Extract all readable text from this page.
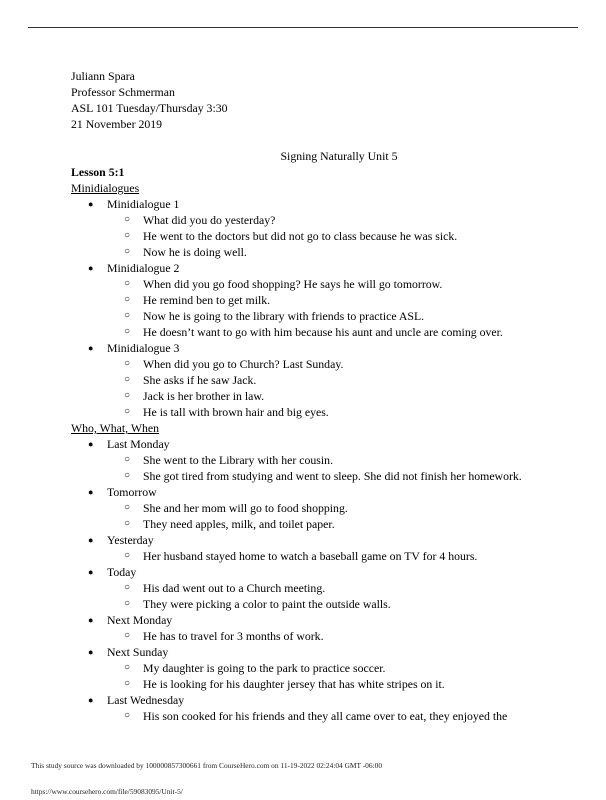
Juliann Spara
Professor Schmerman
ASL 101 Tuesday/Thursday 3:30
21 November 2019
Signing Naturally Unit 5
Lesson 5:1
Minidialogues
● Minidialogue 1
○ What did you do yesterday?
○ He went to the doctors but did not go to class because he was sick.
○ Now he is doing well.
● Minidialogue 2
○ When did you go food shopping? He says he will go tomorrow.
○ He remind ben to get milk.
○ Now he is going to the library with friends to practice ASL.
○ He doesn’t want to go with him because his aunt and uncle are coming over.
● Minidialogue 3
○ When did you go to Church? Last Sunday.
○ She asks if he saw Jack.
○ Jack is her brother in law.
○ He is tall with brown hair and big eyes.
Who, What, When
● Last Monday
○ She went to the Library with her cousin.
○ She got tired from studying and went to sleep. She did not finish her homework.
● Tomorrow
○ She and her mom will go to food shopping.
○ They need apples, milk, and toilet paper.
● Yesterday
○ Her husband stayed home to watch a baseball game on TV for 4 hours.
● Today
○ His dad went out to a Church meeting.
○ They were picking a color to paint the outside walls.
● Next Monday
○ He has to travel for 3 months of work.
● Next Sunday
○ My daughter is going to the park to practice soccer.
○ He is looking for his daughter jersey that has white stripes on it.
● Last Wednesday
○ His son cooked for his friends and they all came over to eat, they enjoyed the
This study source was downloaded by 100000857300661 from CourseHero.com on 11-19-2022 02:24:04 GMT -06:00
https://www.coursehero.com/file/59083095/Unit-5/
